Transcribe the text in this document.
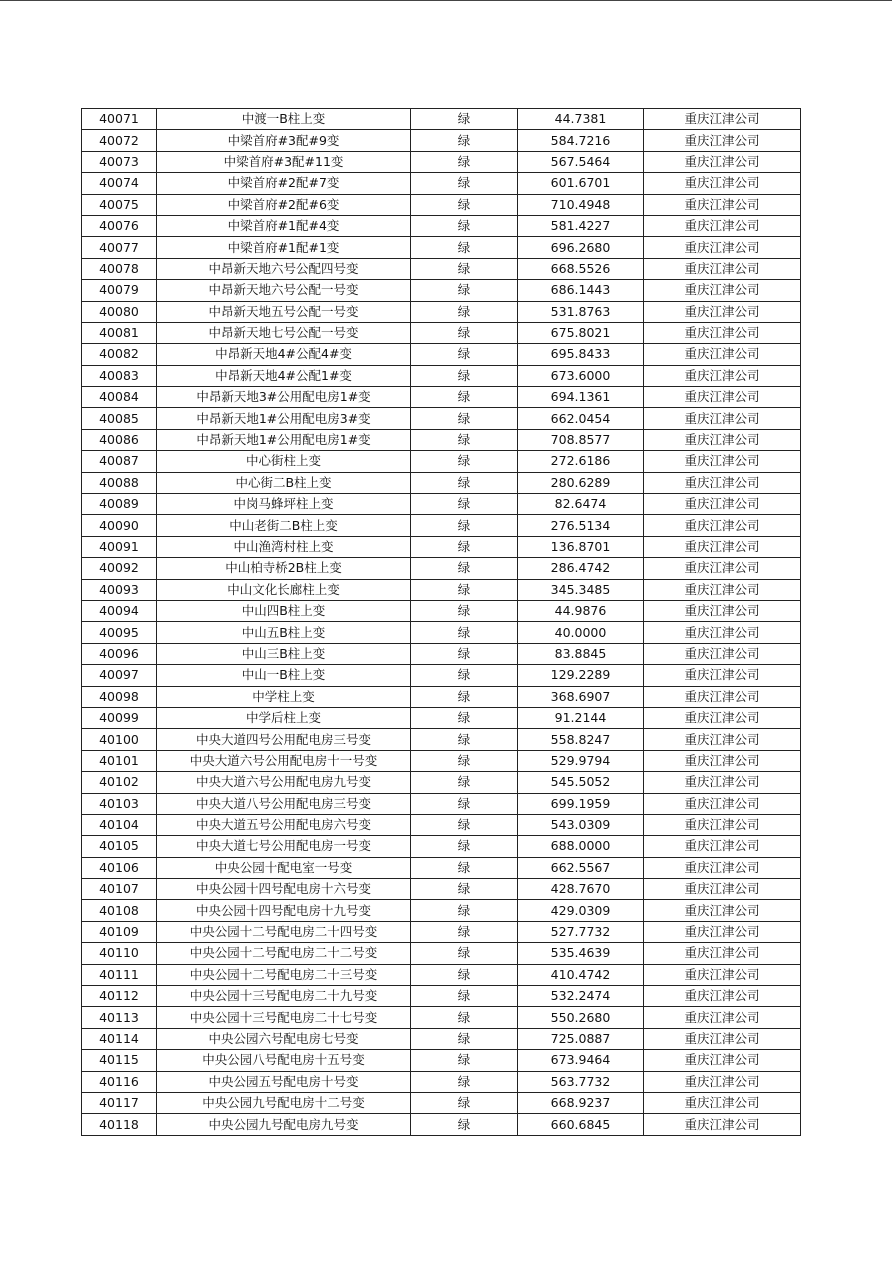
40071	中渡一B柱上变	绿	44.7381	重庆江津公司
40072	中梁首府#3配#9变	绿	584.7216	重庆江津公司
40073	中梁首府#3配#11变	绿	567.5464	重庆江津公司
40074	中梁首府#2配#7变	绿	601.6701	重庆江津公司
40075	中梁首府#2配#6变	绿	710.4948	重庆江津公司
40076	中梁首府#1配#4变	绿	581.4227	重庆江津公司
40077	中梁首府#1配#1变	绿	696.2680	重庆江津公司
40078	中昂新天地六号公配四号变	绿	668.5526	重庆江津公司
40079	中昂新天地六号公配一号变	绿	686.1443	重庆江津公司
40080	中昂新天地五号公配一号变	绿	531.8763	重庆江津公司
40081	中昂新天地七号公配一号变	绿	675.8021	重庆江津公司
40082	中昂新天地4#公配4#变	绿	695.8433	重庆江津公司
40083	中昂新天地4#公配1#变	绿	673.6000	重庆江津公司
40084	中昂新天地3#公用配电房1#变	绿	694.1361	重庆江津公司
40085	中昂新天地1#公用配电房3#变	绿	662.0454	重庆江津公司
40086	中昂新天地1#公用配电房1#变	绿	708.8577	重庆江津公司
40087	中心街柱上变	绿	272.6186	重庆江津公司
40088	中心街二B柱上变	绿	280.6289	重庆江津公司
40089	中岗马蜂坪柱上变	绿	82.6474	重庆江津公司
40090	中山老街二B柱上变	绿	276.5134	重庆江津公司
40091	中山渔湾村柱上变	绿	136.8701	重庆江津公司
40092	中山柏寺桥2B柱上变	绿	286.4742	重庆江津公司
40093	中山文化长廊柱上变	绿	345.3485	重庆江津公司
40094	中山四B柱上变	绿	44.9876	重庆江津公司
40095	中山五B柱上变	绿	40.0000	重庆江津公司
40096	中山三B柱上变	绿	83.8845	重庆江津公司
40097	中山一B柱上变	绿	129.2289	重庆江津公司
40098	中学柱上变	绿	368.6907	重庆江津公司
40099	中学后柱上变	绿	91.2144	重庆江津公司
40100	中央大道四号公用配电房三号变	绿	558.8247	重庆江津公司
40101	中央大道六号公用配电房十一号变	绿	529.9794	重庆江津公司
40102	中央大道六号公用配电房九号变	绿	545.5052	重庆江津公司
40103	中央大道八号公用配电房三号变	绿	699.1959	重庆江津公司
40104	中央大道五号公用配电房六号变	绿	543.0309	重庆江津公司
40105	中央大道七号公用配电房一号变	绿	688.0000	重庆江津公司
40106	中央公园十配电室一号变	绿	662.5567	重庆江津公司
40107	中央公园十四号配电房十六号变	绿	428.7670	重庆江津公司
40108	中央公园十四号配电房十九号变	绿	429.0309	重庆江津公司
40109	中央公园十二号配电房二十四号变	绿	527.7732	重庆江津公司
40110	中央公园十二号配电房二十二号变	绿	535.4639	重庆江津公司
40111	中央公园十二号配电房二十三号变	绿	410.4742	重庆江津公司
40112	中央公园十三号配电房二十九号变	绿	532.2474	重庆江津公司
40113	中央公园十三号配电房二十七号变	绿	550.2680	重庆江津公司
40114	中央公园六号配电房七号变	绿	725.0887	重庆江津公司
40115	中央公园八号配电房十五号变	绿	673.9464	重庆江津公司
40116	中央公园五号配电房十号变	绿	563.7732	重庆江津公司
40117	中央公园九号配电房十二号变	绿	668.9237	重庆江津公司
40118	中央公园九号配电房九号变	绿	660.6845	重庆江津公司
